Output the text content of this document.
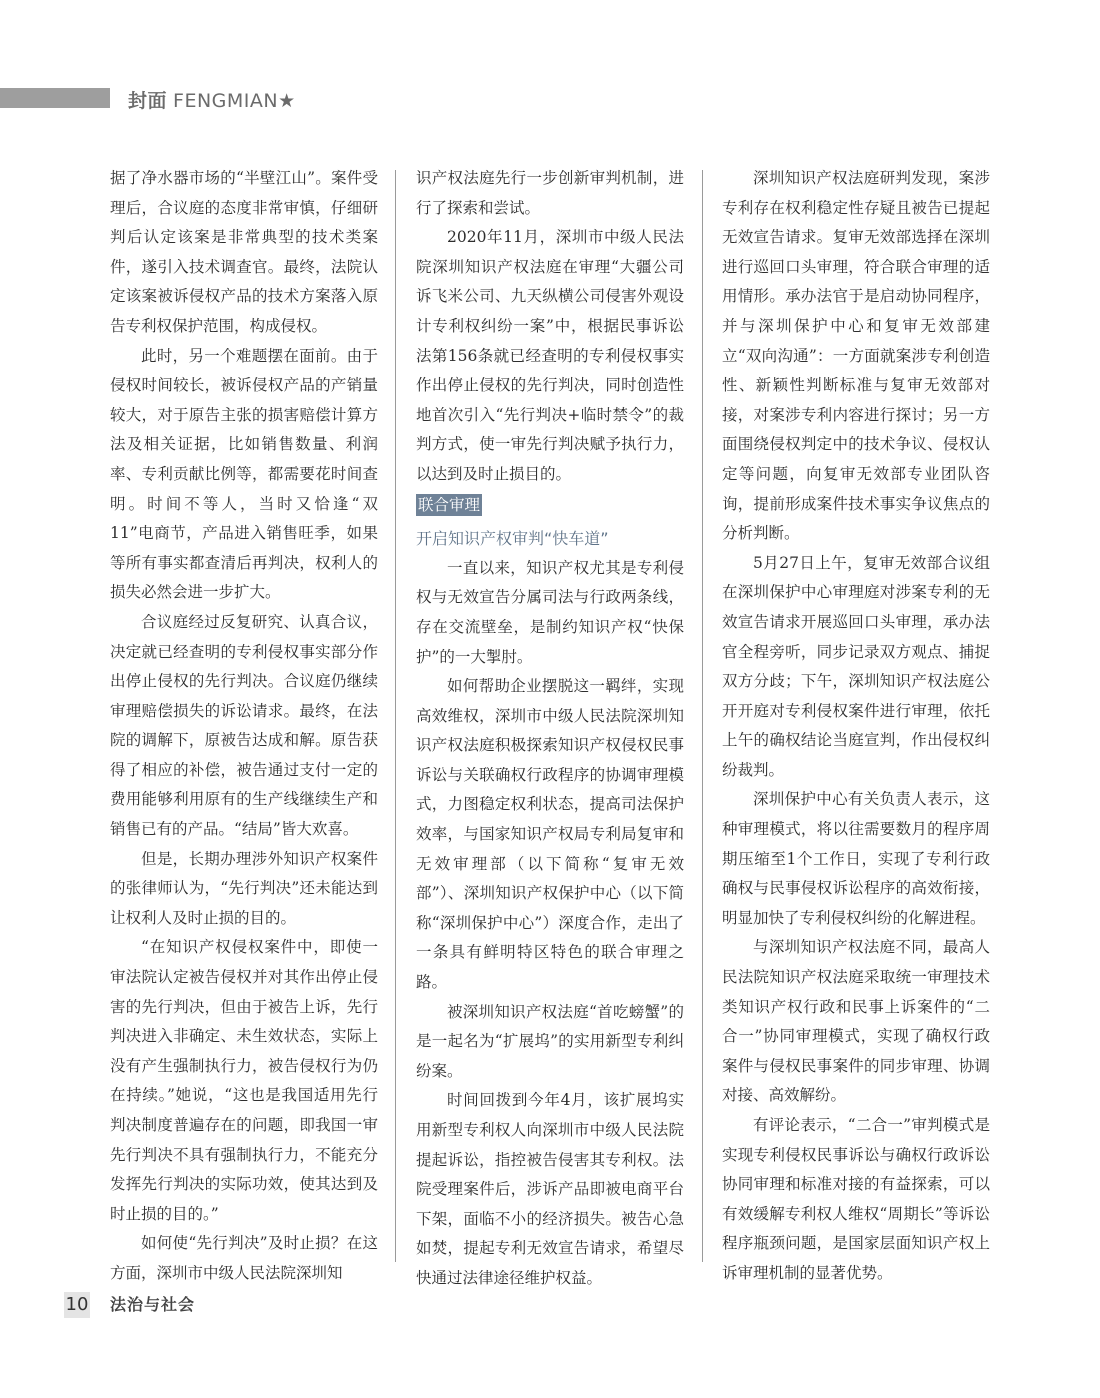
封面 FENGMIAN★

据了净水器市场的“半壁江山”。案件受理后，合议庭的态度非常审慎，仔细研判后认定该案是非常典型的技术类案件，遂引入技术调查官。最终，法院认定该案被诉侵权产品的技术方案落入原告专利权保护范围，构成侵权。

此时，另一个难题摆在面前。由于侵权时间较长，被诉侵权产品的产销量较大，对于原告主张的损害赔偿计算方法及相关证据，比如销售数量、利润率、专利贡献比例等，都需要花时间查明。时间不等人，当时又恰逢“双11”电商节，产品进入销售旺季，如果等所有事实都查清后再判决，权利人的损失必然会进一步扩大。

合议庭经过反复研究、认真合议，决定就已经查明的专利侵权事实部分作出停止侵权的先行判决。合议庭仍继续审理赔偿损失的诉讼请求。最终，在法院的调解下，原被告达成和解。原告获得了相应的补偿，被告通过支付一定的费用能够利用原有的生产线继续生产和销售已有的产品。“结局”皆大欢喜。

但是，长期办理涉外知识产权案件的张律师认为，“先行判决”还未能达到让权利人及时止损的目的。

“在知识产权侵权案件中，即使一审法院认定被告侵权并对其作出停止侵害的先行判决，但由于被告上诉，先行判决进入非确定、未生效状态，实际上没有产生强制执行力，被告侵权行为仍在持续。”她说，“这也是我国适用先行判决制度普遍存在的问题，即我国一审先行判决不具有强制执行力，不能充分发挥先行判决的实际功效，使其达到及时止损的目的。”

如何使“先行判决”及时止损？在这方面，深圳市中级人民法院深圳知

识产权法庭先行一步创新审判机制，进行了探索和尝试。

2020年11月，深圳市中级人民法院深圳知识产权法庭在审理“大疆公司诉飞米公司、九天纵横公司侵害外观设计专利权纠纷一案”中，根据民事诉讼法第156条就已经查明的专利侵权事实作出停止侵权的先行判决，同时创造性地首次引入“先行判决+临时禁令”的裁判方式，使一审先行判决赋予执行力，以达到及时止损目的。

联合审理
开启知识产权审判“快车道”

一直以来，知识产权尤其是专利侵权与无效宣告分属司法与行政两条线，存在交流壁垒，是制约知识产权“快保护”的一大掣肘。

如何帮助企业摆脱这一羁绊，实现高效维权，深圳市中级人民法院深圳知识产权法庭积极探索知识产权侵权民事诉讼与关联确权行政程序的协调审理模式，力图稳定权利状态，提高司法保护效率，与国家知识产权局专利局复审和无效审理部（以下简称“复审无效部”）、深圳知识产权保护中心（以下简称“深圳保护中心”）深度合作，走出了一条具有鲜明特区特色的联合审理之路。

被深圳知识产权法庭“首吃螃蟹”的是一起名为“扩展坞”的实用新型专利纠纷案。

时间回拨到今年4月，该扩展坞实用新型专利权人向深圳市中级人民法院提起诉讼，指控被告侵害其专利权。法院受理案件后，涉诉产品即被电商平台下架，面临不小的经济损失。被告心急如焚，提起专利无效宣告请求，希望尽快通过法律途径维护权益。

深圳知识产权法庭研判发现，案涉专利存在权利稳定性存疑且被告已提起无效宣告请求。复审无效部选择在深圳进行巡回口头审理，符合联合审理的适用情形。承办法官于是启动协同程序，并与深圳保护中心和复审无效部建立“双向沟通”：一方面就案涉专利创造性、新颖性判断标准与复审无效部对接，对案涉专利内容进行探讨；另一方面围绕侵权判定中的技术争议、侵权认定等问题，向复审无效部专业团队咨询，提前形成案件技术事实争议焦点的分析判断。

5月27日上午，复审无效部合议组在深圳保护中心审理庭对涉案专利的无效宣告请求开展巡回口头审理，承办法官全程旁听，同步记录双方观点、捕捉双方分歧；下午，深圳知识产权法庭公开开庭对专利侵权案件进行审理，依托上午的确权结论当庭宣判，作出侵权纠纷裁判。

深圳保护中心有关负责人表示，这种审理模式，将以往需要数月的程序周期压缩至1个工作日，实现了专利行政确权与民事侵权诉讼程序的高效衔接，明显加快了专利侵权纠纷的化解进程。

与深圳知识产权法庭不同，最高人民法院知识产权法庭采取统一审理技术类知识产权行政和民事上诉案件的“二合一”协同审理模式，实现了确权行政案件与侵权民事案件的同步审理、协调对接、高效解纷。

有评论表示，“二合一”审判模式是实现专利侵权民事诉讼与确权行政诉讼协同审理和标准对接的有益探索，可以有效缓解专利权人维权“周期长”等诉讼程序瓶颈问题，是国家层面知识产权上诉审理机制的显著优势。

10 法治与社会
